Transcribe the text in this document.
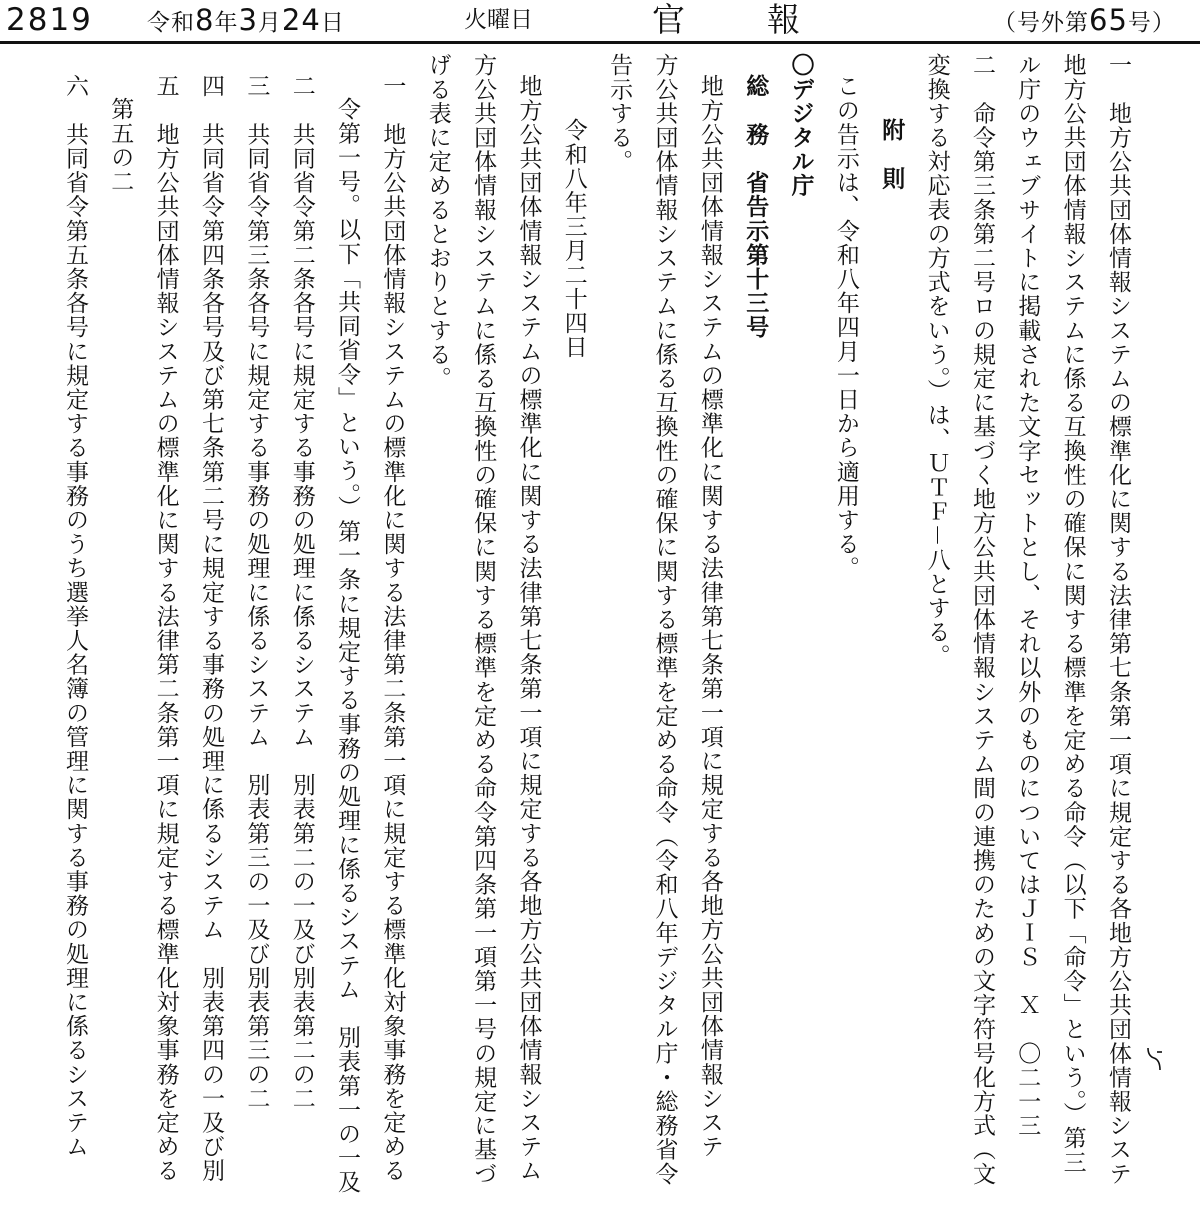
2819 令和8年3月24日	火曜日	官報	（号外第65号）
一　地方公共団体情報システムの標準化に関する法律第七条第一項に規定する各地方公共団体情報システ
地方公共団体情報システムに係る互換性の確保に関する標準を定める命令（以下「命令」という。）第三
ル庁のウェブサイトに掲載された文字セットとし、それ以外のものについてはＪＩＳ　Ｘ　〇二一三
二　命令第三条第二号ロの規定に基づく地方公共団体情報システム間の連携のための文字符号化方式（文
変換する対応表の方式をいう。）は、ＵＴＦ－八とする。
附　則
この告示は、令和八年四月一日から適用する。
〇デジタル庁
総　務　省告示第十三号
地方公共団体情報システムの標準化に関する法律第七条第一項に規定する各地方公共団体情報システ
方公共団体情報システムに係る互換性の確保に関する標準を定める命令（令和八年デジタル庁・総務省令
告示する。
令和八年三月二十四日
地方公共団体情報システムの標準化に関する法律第七条第一項に規定する各地方公共団体情報システム
方公共団体情報システムに係る互換性の確保に関する標準を定める命令第四条第一項第一号の規定に基づ
げる表に定めるとおりとする。
一　地方公共団体情報システムの標準化に関する法律第二条第一項に規定する標準化対象事務を定める
令第一号。以下「共同省令」という。）第一条に規定する事務の処理に係るシステム　別表第一の一及
二　共同省令第二条各号に規定する事務の処理に係るシステム　別表第二の一及び別表第二の二
三　共同省令第三条各号に規定する事務の処理に係るシステム　別表第三の一及び別表第三の二
四　共同省令第四条各号及び第七条第二号に規定する事務の処理に係るシステム　別表第四の一及び別
五　地方公共団体情報システムの標準化に関する法律第二条第一項に規定する標準化対象事務を定める
第五の二
六　共同省令第五条各号に規定する事務のうち選挙人名簿の管理に関する事務の処理に係るシステム
